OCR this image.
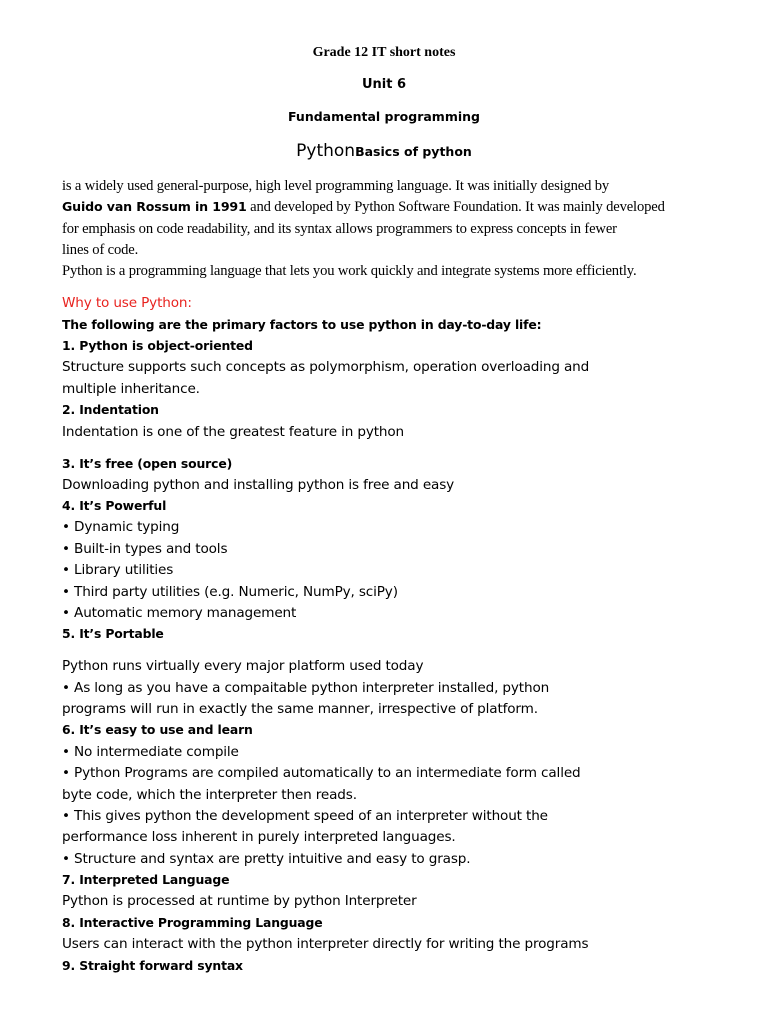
Grade 12 IT short notes
Unit 6
Fundamental programming
PythonBasics of python
is a widely used general-purpose, high level programming language. It was initially designed by
Guido van Rossum in 1991 and developed by Python Software Foundation. It was mainly developed
for emphasis on code readability, and its syntax allows programmers to express concepts in fewer
lines of code.
Python is a programming language that lets you work quickly and integrate systems more efficiently.
Why to use Python:
The following are the primary factors to use python in day-to-day life:
1. Python is object-oriented
Structure supports such concepts as polymorphism, operation overloading and
multiple inheritance.
2. Indentation
Indentation is one of the greatest feature in python
3. It’s free (open source)
Downloading python and installing python is free and easy
4. It’s Powerful
• Dynamic typing
• Built-in types and tools
• Library utilities
• Third party utilities (e.g. Numeric, NumPy, sciPy)
• Automatic memory management
5. It’s Portable
Python runs virtually every major platform used today
• As long as you have a compaitable python interpreter installed, python
programs will run in exactly the same manner, irrespective of platform.
6. It’s easy to use and learn
• No intermediate compile
• Python Programs are compiled automatically to an intermediate form called
byte code, which the interpreter then reads.
• This gives python the development speed of an interpreter without the
performance loss inherent in purely interpreted languages.
• Structure and syntax are pretty intuitive and easy to grasp.
7. Interpreted Language
Python is processed at runtime by python Interpreter
8. Interactive Programming Language
Users can interact with the python interpreter directly for writing the programs
9. Straight forward syntax
